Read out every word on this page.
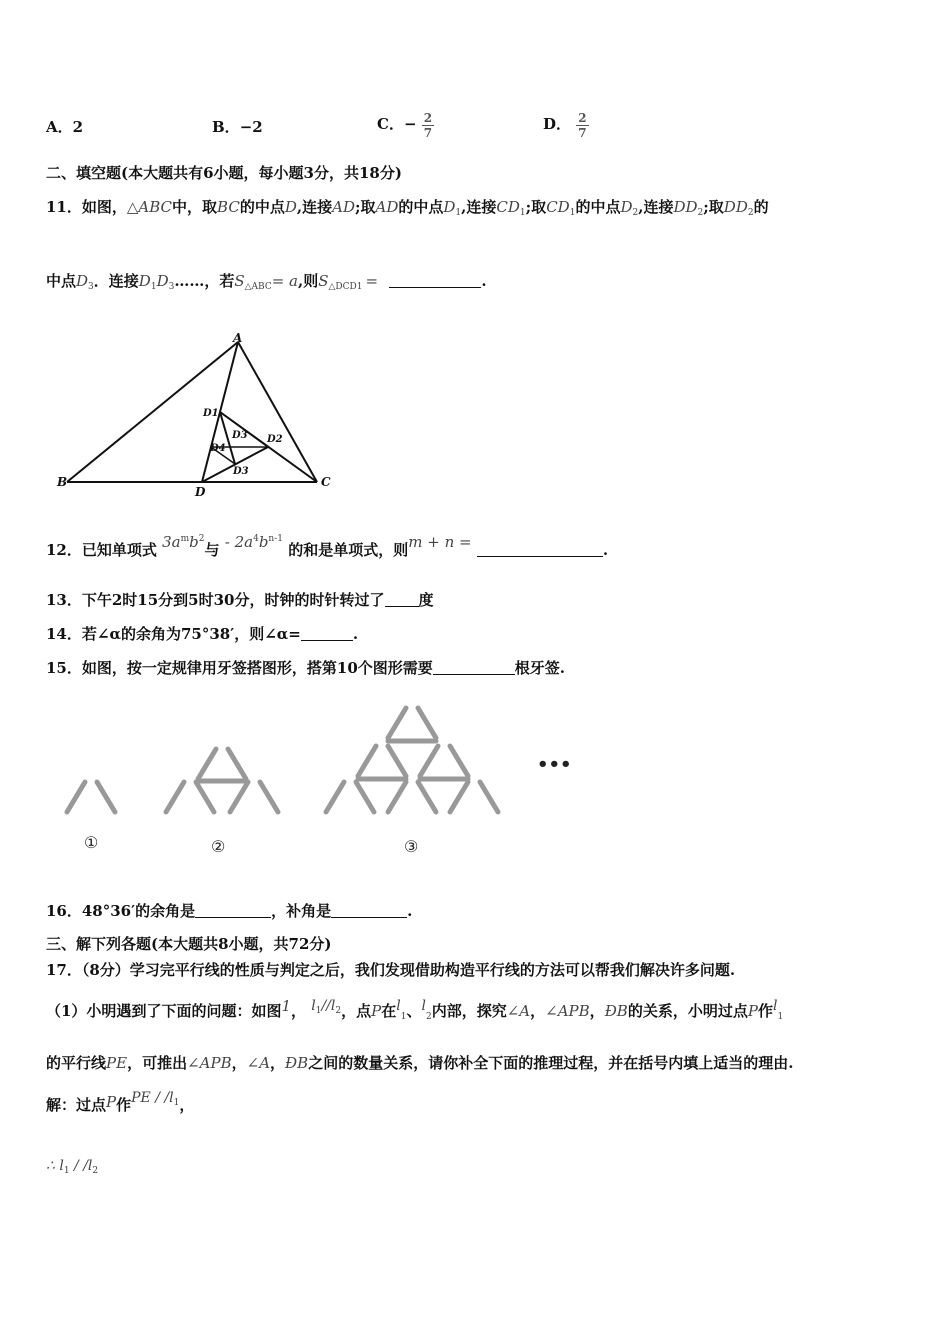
A．2	B．−2	C．− $\frac{2}{7}$	D． $\frac{2}{7}$
二、填空题(本大题共有6小题，每小题3分，共18分)
11．如图，△ABC中，取BC的中点D,连接AD;取AD的中点$D_1$,连接$CD_1$;取$CD_1$的中点$D_2$,连接$DD_2$;取$DD_2$的
中点$D_3$．连接$D_1D_3\dots\dots$，若$S_{\triangle ABC}= a$,则$S_{\triangle DCD1}$ =	.
A
B	C
D
D1
D2
D3
D4
D3
12．已知单项式 $3a^mb^2$与 - $2a^4b^{n-1}$ 的和是单项式，则m + n =	.
13．下午2时15分到5时30分，时钟的时针转过了 度
14．若∠α的余角为75°38′，则∠α=	.
15．如图，按一定规律用牙签搭图形，搭第10个图形需要	根牙签.
①	②	③
•••
16．48°36′的余角是	，补角是	.
三、解下列各题(本大题共8小题，共72分)
17．（8分）学习完平行线的性质与判定之后，我们发现借助构造平行线的方法可以帮我们解决许多问题.
（1）小明遇到了下面的问题：如图1， $l_1//l_2$，点P在$l_1$、$l_2$内部，探究∠A，∠APB，ÐB的关系，小明过点P作$l_1$
的平行线PE，可推出∠APB，∠A，ÐB之间的数量关系，请你补全下面的推理过程，并在括号内填上适当的理由.
解：过点P作PE / $/l^1$，
∴ $l_1 / /l_2$
